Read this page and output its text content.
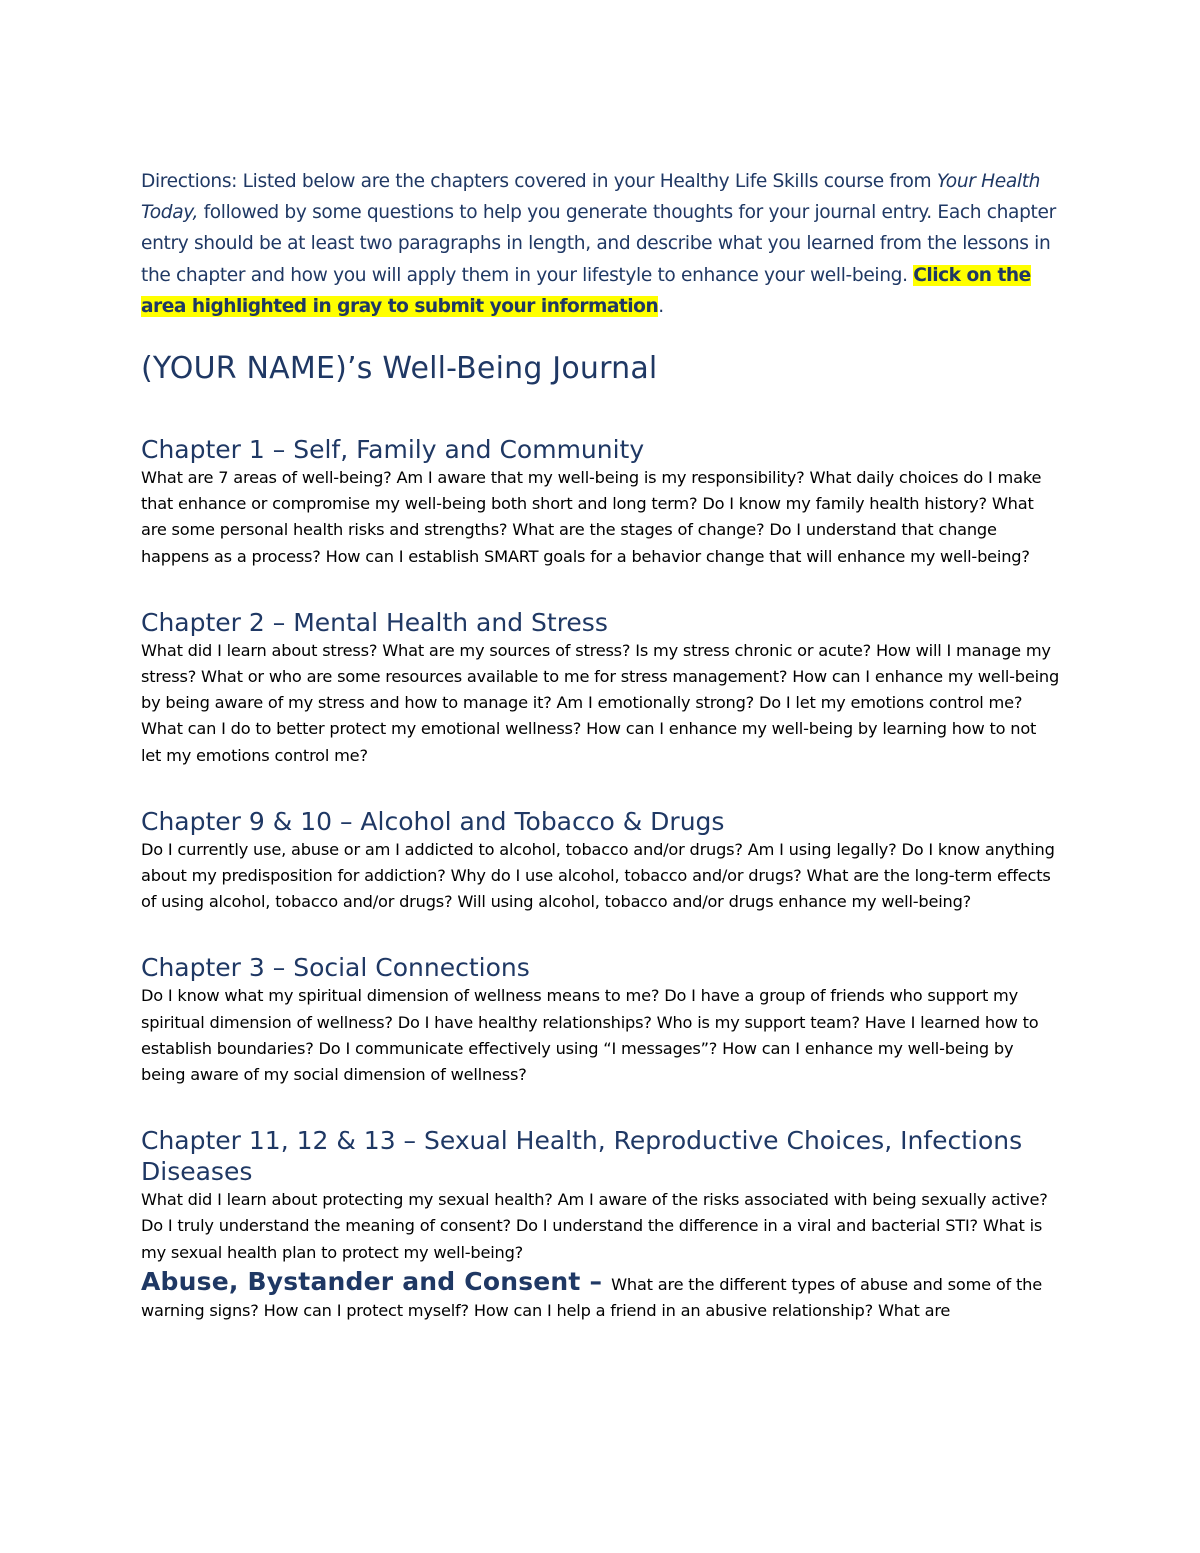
Directions: Listed below are the chapters covered in your Healthy Life Skills course from Your Health Today, followed by some questions to help you generate thoughts for your journal entry. Each chapter entry should be at least two paragraphs in length, and describe what you learned from the lessons in the chapter and how you will apply them in your lifestyle to enhance your well-being. Click on the area highlighted in gray to submit your information.

(YOUR NAME)’s Well-Being Journal
Chapter 1 – Self, Family and Community

What are 7 areas of well-being? Am I aware that my well-being is my responsibility? What daily choices do I make that enhance or compromise my well-being both short and long term? Do I know my family health history? What are some personal health risks and strengths? What are the stages of change? Do I understand that change happens as a process? How can I establish SMART goals for a behavior change that will enhance my well-being?

Chapter 2 – Mental Health and Stress

What did I learn about stress? What are my sources of stress? Is my stress chronic or acute? How will I manage my stress? What or who are some resources available to me for stress management? How can I enhance my well-being by being aware of my stress and how to manage it? Am I emotionally strong? Do I let my emotions control me? What can I do to better protect my emotional wellness? How can I enhance my well-being by learning how to not let my emotions control me?

Chapter 9 & 10 – Alcohol and Tobacco & Drugs

Do I currently use, abuse or am I addicted to alcohol, tobacco and/or drugs? Am I using legally? Do I know anything about my predisposition for addiction? Why do I use alcohol, tobacco and/or drugs? What are the long-term effects of using alcohol, tobacco and/or drugs? Will using alcohol, tobacco and/or drugs enhance my well-being?

Chapter 3 – Social Connections

Do I know what my spiritual dimension of wellness means to me? Do I have a group of friends who support my spiritual dimension of wellness? Do I have healthy relationships? Who is my support team? Have I learned how to establish boundaries? Do I communicate effectively using “I messages”? How can I enhance my well-being by being aware of my social dimension of wellness?

Chapter 11, 12 & 13 – Sexual Health, Reproductive Choices, Infections Diseases

What did I learn about protecting my sexual health? Am I aware of the risks associated with being sexually active? Do I truly understand the meaning of consent? Do I understand the difference in a viral and bacterial STI? What is my sexual health plan to protect my well-being?

Abuse, Bystander and Consent – What are the different types of abuse and some of the warning signs? How can I protect myself? How can I help a friend in an abusive relationship? What are
